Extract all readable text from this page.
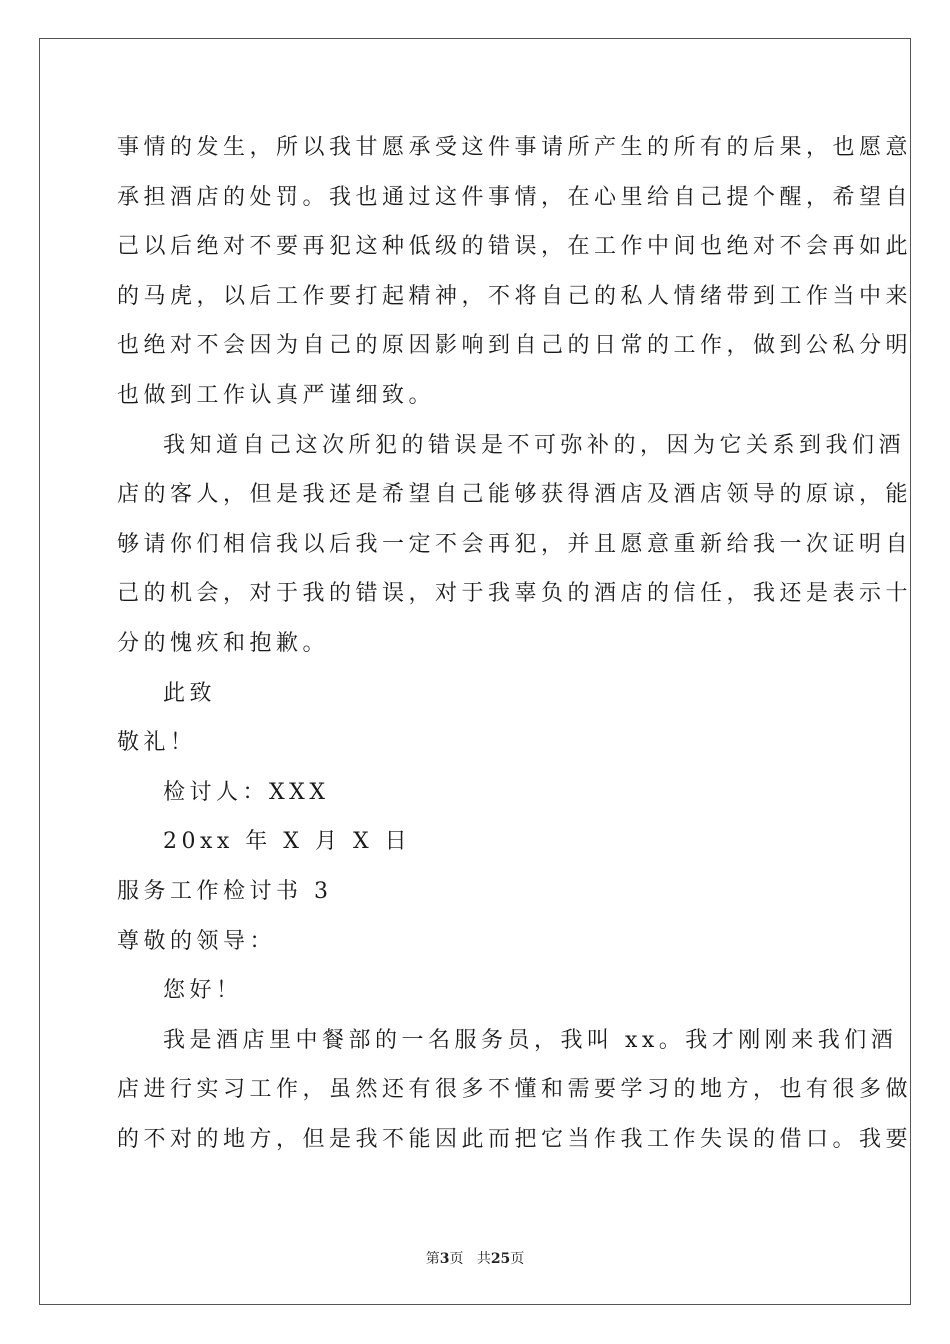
事情的发生，所以我甘愿承受这件事请所产生的所有的后果，也愿意
承担酒店的处罚。我也通过这件事情，在心里给自己提个醒，希望自
己以后绝对不要再犯这种低级的错误，在工作中间也绝对不会再如此
的马虎，以后工作要打起精神，不将自己的私人情绪带到工作当中来
也绝对不会因为自己的原因影响到自己的日常的工作，做到公私分明
也做到工作认真严谨细致。
我知道自己这次所犯的错误是不可弥补的，因为它关系到我们酒
店的客人，但是我还是希望自己能够获得酒店及酒店领导的原谅，能
够请你们相信我以后我一定不会再犯，并且愿意重新给我一次证明自
己的机会，对于我的错误，对于我辜负的酒店的信任，我还是表示十
分的愧疚和抱歉。
此致
敬礼！
检讨人：XXX
20xx 年 X 月 X 日
服务工作检讨书 3
尊敬的领导：
您好！
我是酒店里中餐部的一名服务员，我叫 xx。我才刚刚来我们酒
店进行实习工作，虽然还有很多不懂和需要学习的地方，也有很多做
的不对的地方，但是我不能因此而把它当作我工作失误的借口。我要
第3页 共25页
